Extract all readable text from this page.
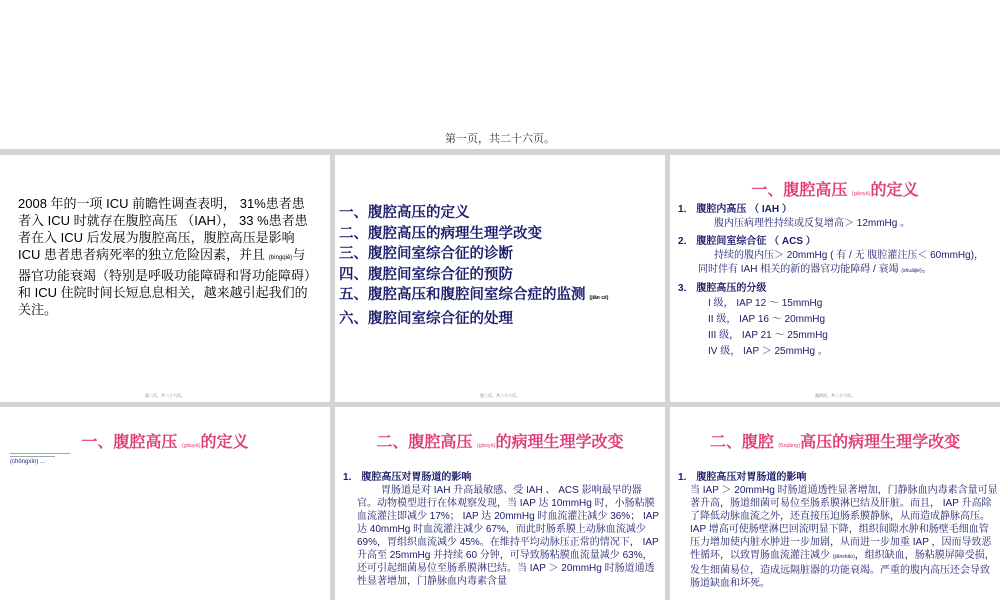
第一页，共二十六页。
2008 年的一项 ICU 前瞻性调查表明， 31%患者患者入 ICU 时就存在腹腔高压 （IAH）， 33 %患者患者在入 ICU 后发展为腹腔高压，腹腔高压是影响 ICU 患者患者病死率的独立危险因素，并且 (bìngqiě)与器官功能衰竭（特别是呼吸功能障碍和肾功能障碍）和 ICU 住院时间长短息息相关，越来越引起我们的关注。
第二页，共二十六页。
一、腹腔高压的定义
二、腹腔高压的病理生理学改变
三、腹腔间室综合征的诊断
四、腹腔间室综合征的预防
五、腹腔高压和腹腔间室综合症的监测 (jiān cè)
六、腹腔间室综合征的处理
第三页，共二十六页。
一、腹腔高压 (gāoyā)的定义
1． 腹腔内高压 （ IAH ）
腹内压病理性持续或反复增高＞ 12mmHg 。
2． 腹腔间室综合征 （ ACS ）
持续的腹内压＞ 20mmHg ( 有 / 无 腹腔灌注压＜ 60mmHg)， 同时伴有 IAH 相关的新的器官功能障碍 / 衰竭 (shuāijié)。
3． 腹腔高压的分级
I 级， IAP 12 ～ 15mmHg
II 级， IAP 16 ～ 20mmHg
III 级， IAP 21 ～ 25mmHg
IV 级， IAP ＞ 25mmHg 。
第四页，共二十六页。
一、腹腔高压 (gāoyā)的定义
(chóngxīn) ...
二、腹腔高压 (gāoyā)的病理生理学改变
1． 腹腔高压对胃肠道的影响
胃肠道是对 IAH 升高最敏感、受 IAH 、 ACS 影响最早的器官。动物模型进行在体观察发现，当 IAP 达 10mmHg 时，小肠粘膜血流灌注即减少 17%； IAP 达 20mmHg 时血流灌注减少 36%； IAP 达 40mmHg 时血流灌注减少 67%，而此时肠系膜上动脉血流减少 69%，胃组织血流减少 45%。在维持平均动脉压正常的情况下， IAP 升高至 25mmHg 并持续 60 分钟，可导致肠粘膜血流量减少 63%，还可引起细菌易位至肠系膜淋巴结。当 IAP ＞ 20mmHg 时肠道通透性显著增加，门静脉血内毒素含量
二、腹腔 (fùqiāng)高压的病理生理学改变
1． 腹腔高压对胃肠道的影响
当 IAP ＞ 20mmHg 时肠道通透性显著增加，门静脉血内毒素含量可显著升高，肠道细菌可易位至肠系膜淋巴结及肝脏。而且， IAP 升高除了降低动脉血流之外，还直接压迫肠系膜静脉，从而造成静脉高压。 IAP 增高可使肠壁淋巴回流明显下降，组织间隙水肿和肠壁毛细血管压力增加使内脏水肿进一步加剧，从而进一步加重 IAP ，因而导致恶性循环，以致胃肠血流灌注减少 (jiǎnshǎo)，组织缺血，肠粘膜屏障受损，发生细菌易位，造成远隔脏器的功能衰竭。严重的腹内高压还会导致肠道缺血和坏死。
